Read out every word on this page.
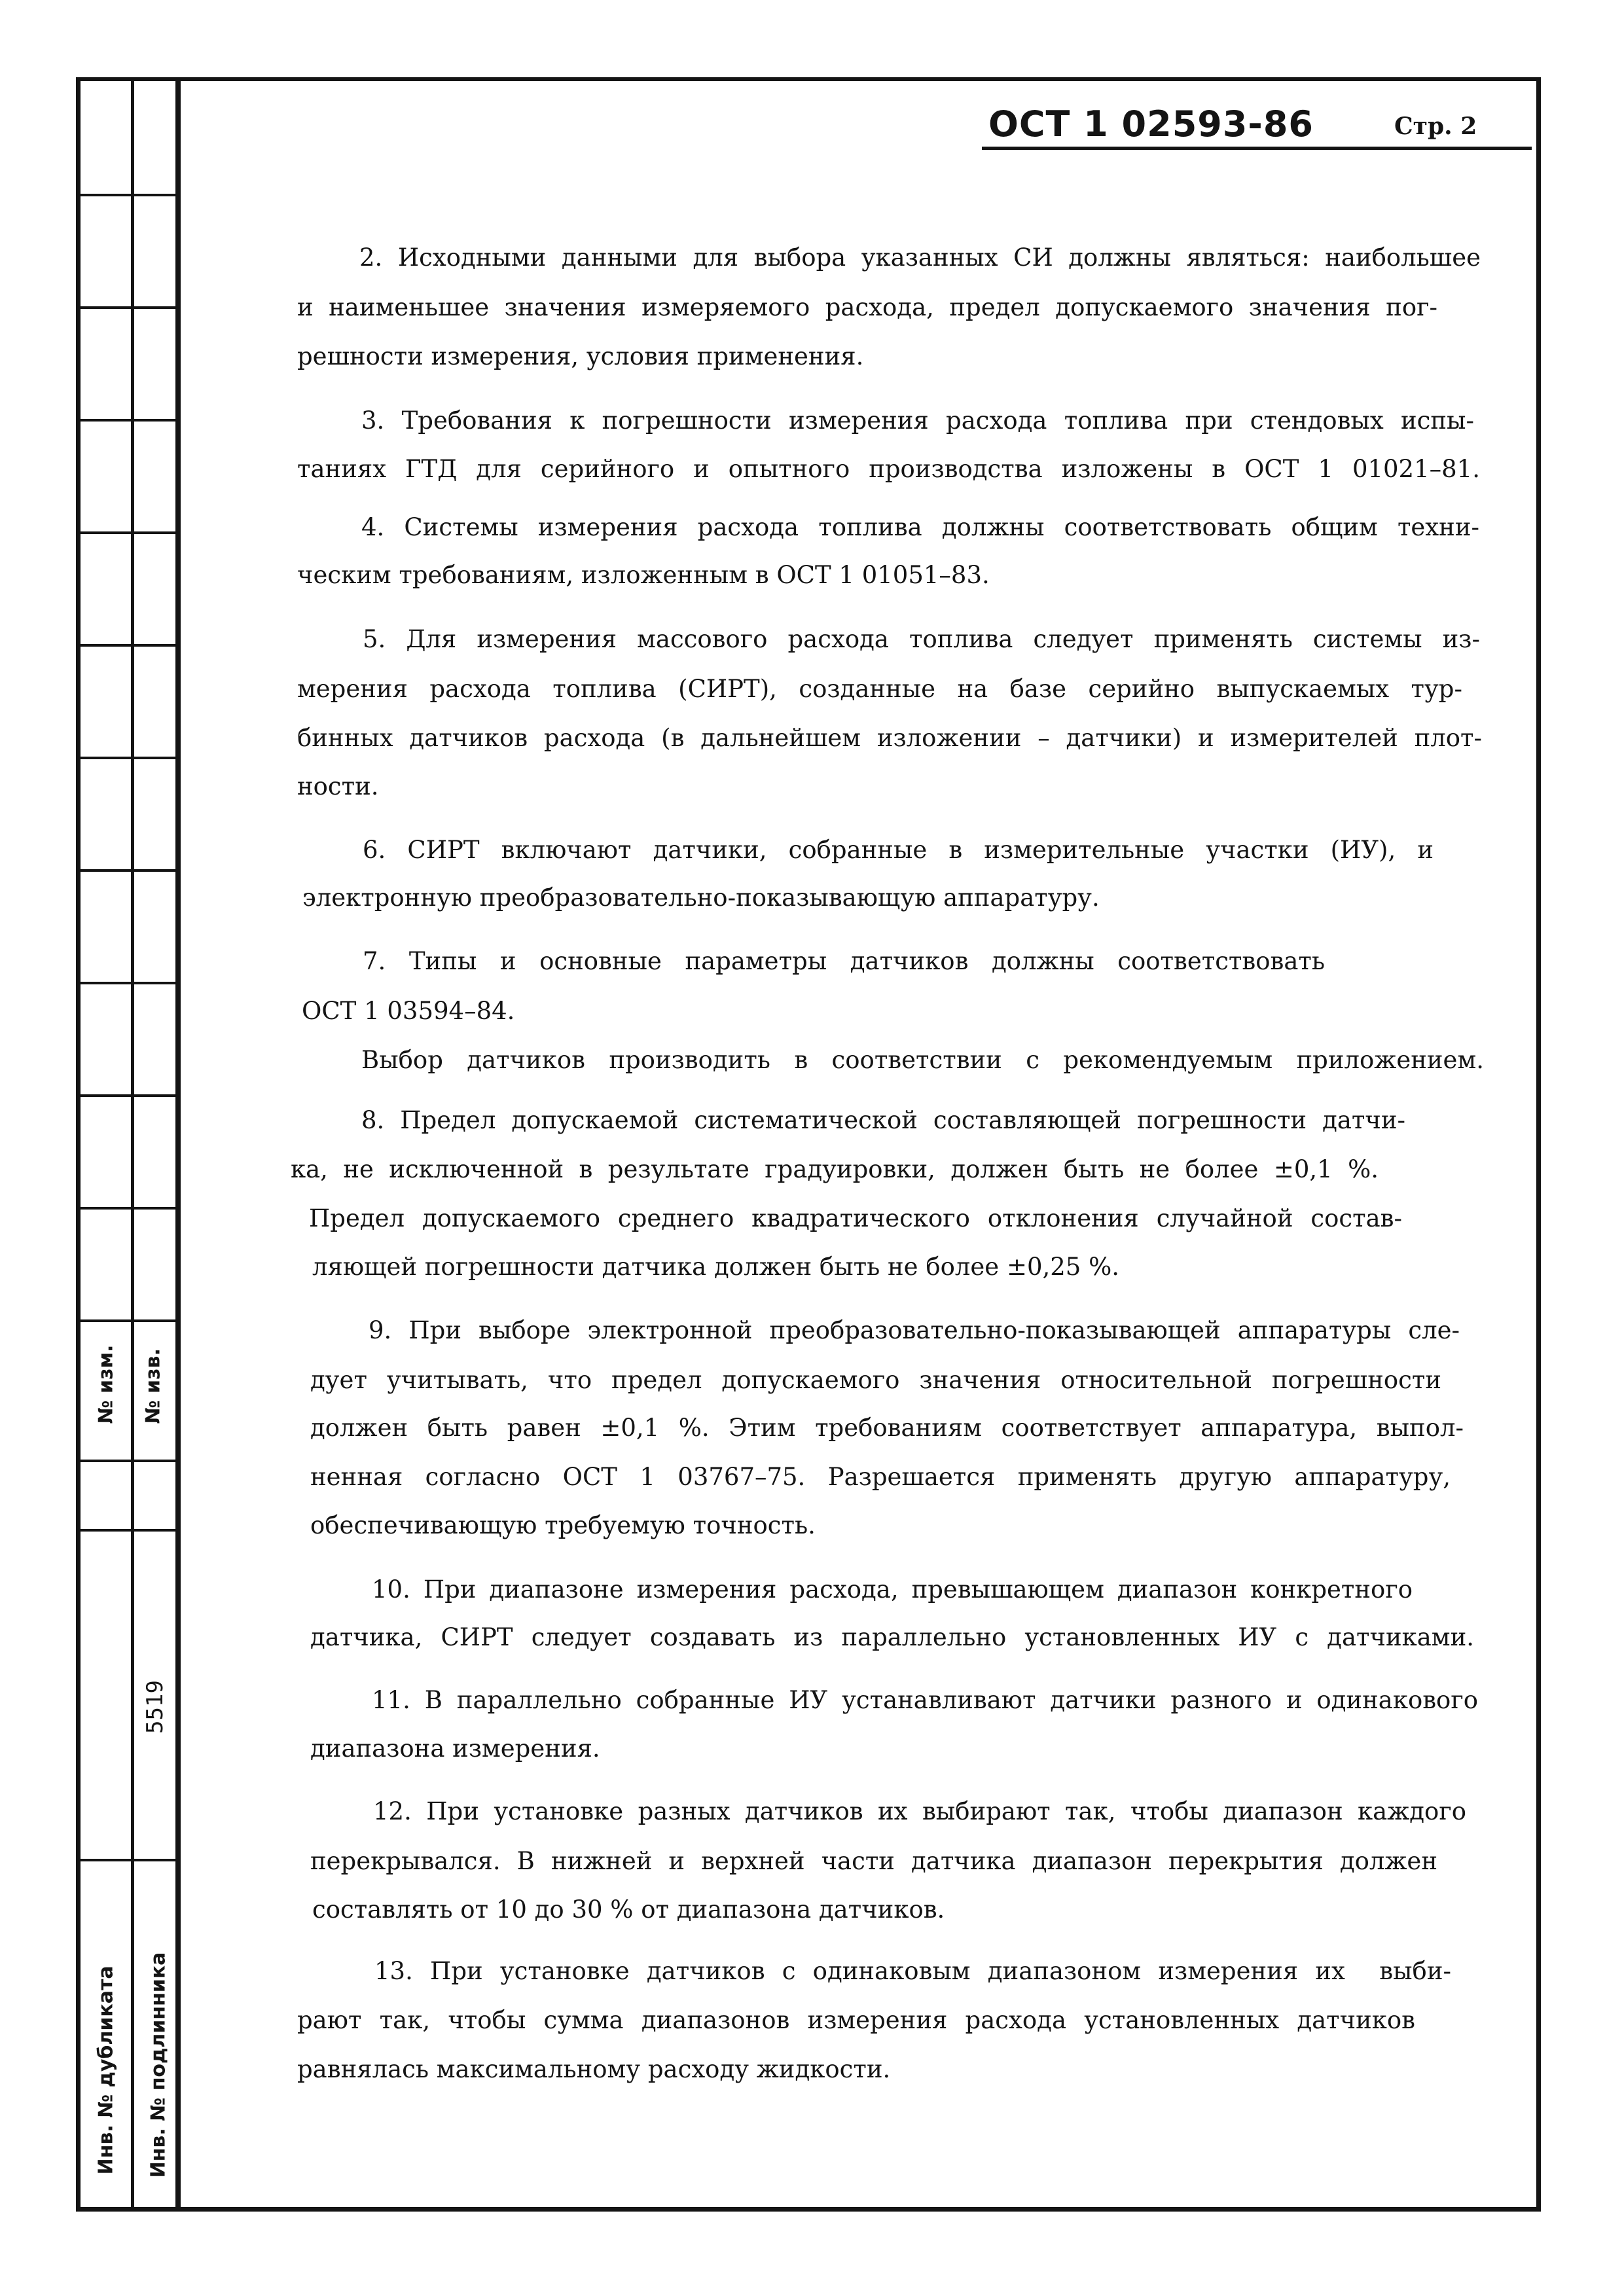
№ изм. № изв.
Инв. № дубликата Инв. № подлинника
5519
ОСТ 1 02593-86	Стр. 2
2. Исходными данными для выбора указанных СИ должны являться: наибольшее
и наименьшее значения измеряемого расхода, предел допускаемого значения пог-
решности измерения, условия применения.
3. Требования к погрешности измерения расхода топлива при стендовых испы-
таниях ГТД для серийного и опытного производства изложены в ОСТ 1 01021–81.
4. Системы измерения расхода топлива должны соответствовать общим техни-
ческим требованиям, изложенным в ОСТ 1 01051–83.
5. Для измерения массового расхода топлива следует применять системы из-
мерения расхода топлива (СИРТ), созданные на базе серийно выпускаемых тур-
бинных датчиков расхода (в дальнейшем изложении – датчики) и измерителей плот-
ности.
6. СИРТ включают датчики, собранные в измерительные участки (ИУ), и
электронную преобразовательно-показывающую аппаратуру.
7. Типы и основные параметры датчиков должны соответствовать
ОСТ 1 03594–84.
Выбор датчиков производить в соответствии с рекомендуемым приложением.
8. Предел допускаемой систематической составляющей погрешности датчи-
ка, не исключенной в результате градуировки, должен быть не более ±0,1 %.
Предел допускаемого среднего квадратического отклонения случайной состав-
ляющей погрешности датчика должен быть не более ±0,25 %.
9. При выборе электронной преобразовательно-показывающей аппаратуры сле-
дует учитывать, что предел допускаемого значения относительной погрешности
должен быть равен ±0,1 %. Этим требованиям соответствует аппаратура, выпол-
ненная согласно ОСТ 1 03767–75. Разрешается применять другую аппаратуру,
обеспечивающую требуемую точность.
10. При диапазоне измерения расхода, превышающем диапазон конкретного
датчика, СИРТ следует создавать из параллельно установленных ИУ с датчиками.
11. В параллельно собранные ИУ устанавливают датчики разного и одинакового
диапазона измерения.
12. При установке разных датчиков их выбирают так, чтобы диапазон каждого
перекрывался. В нижней и верхней части датчика диапазон перекрытия должен
составлять от 10 до 30 % от диапазона датчиков.
13. При установке датчиков с одинаковым диапазоном измерения их  выби-
рают так, чтобы сумма диапазонов измерения расхода установленных датчиков
равнялась максимальному расходу жидкости.
